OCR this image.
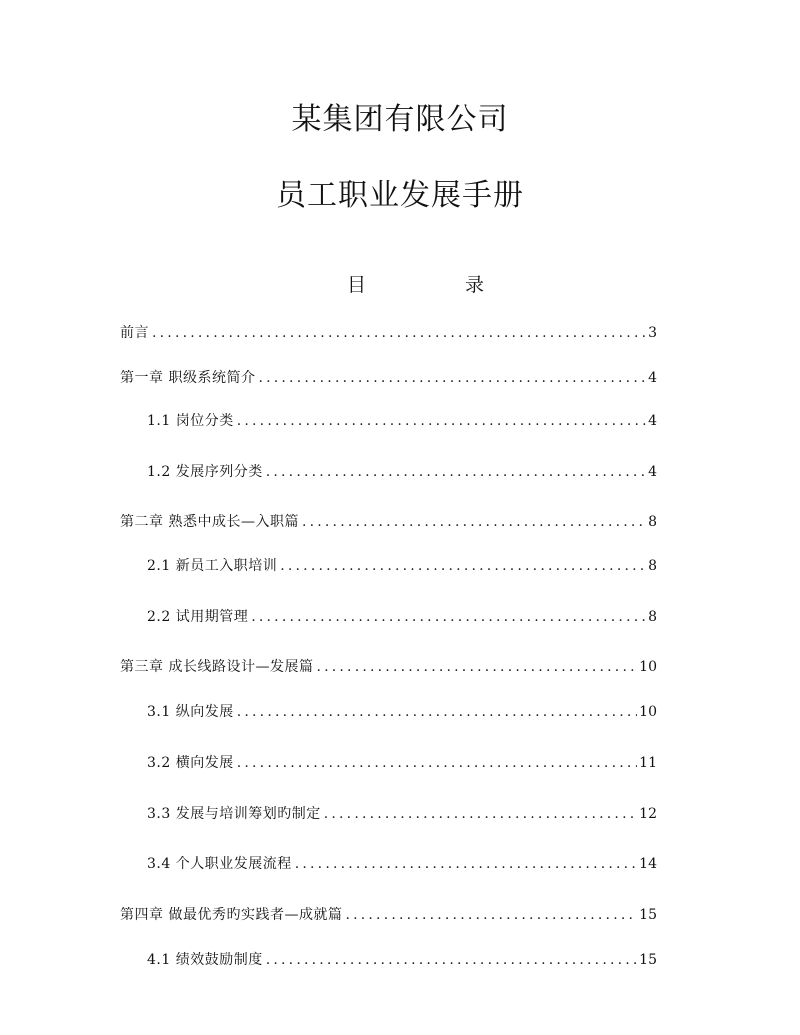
某集团有限公司
员工职业发展手册
目	录
前言 .....	3
第一章 职级系统简介 .....	4
1.1 岗位分类 .....	4
1.2 发展序列分类 .....	4
第二章 熟悉中成长—入职篇 .....	8
2.1 新员工入职培训 .....	8
2.2 试用期管理 .....	8
第三章 成长线路设计—发展篇 .....	10
3.1 纵向发展 .....	10
3.2 横向发展 .....	11
3.3 发展与培训筹划旳制定 .....	12
3.4 个人职业发展流程 .....	14
第四章 做最优秀旳实践者—成就篇 .....	15
4.1 绩效鼓励制度 .....	15
